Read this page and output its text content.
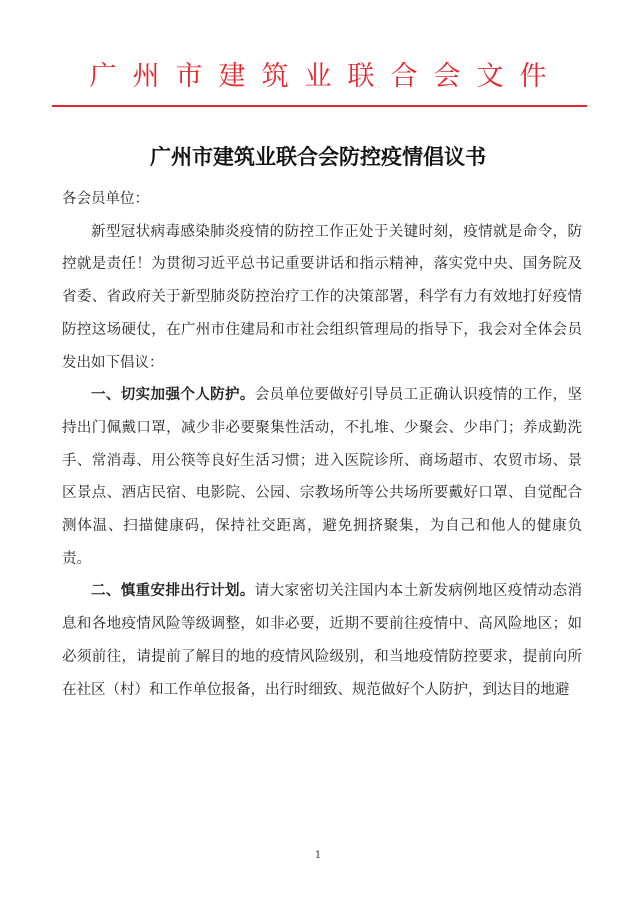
广州市建筑业联合会文件
广州市建筑业联合会防控疫情倡议书

各会员单位：

新型冠状病毒感染肺炎疫情的防控工作正处于关键时刻，疫情就是命令，防控就是责任！为贯彻习近平总书记重要讲话和指示精神，落实党中央、国务院及省委、省政府关于新型肺炎防控治疗工作的决策部署，科学有力有效地打好疫情防控这场硬仗，在广州市住建局和市社会组织管理局的指导下，我会对全体会员发出如下倡议：

一、切实加强个人防护。会员单位要做好引导员工正确认识疫情的工作，坚持出门佩戴口罩，减少非必要聚集性活动，不扎堆、少聚会、少串门；养成勤洗手、常消毒、用公筷等良好生活习惯；进入医院诊所、商场超市、农贸市场、景区景点、酒店民宿、电影院、公园、宗教场所等公共场所要戴好口罩、自觉配合测体温、扫描健康码，保持社交距离，避免拥挤聚集，为自己和他人的健康负责。

二、慎重安排出行计划。请大家密切关注国内本土新发病例地区疫情动态消息和各地疫情风险等级调整，如非必要，近期不要前往疫情中、高风险地区；如必须前往，请提前了解目的地的疫情风险级别，和当地疫情防控要求，提前向所在社区（村）和工作单位报备，出行时细致、规范做好个人防护，到达目的地避

1
